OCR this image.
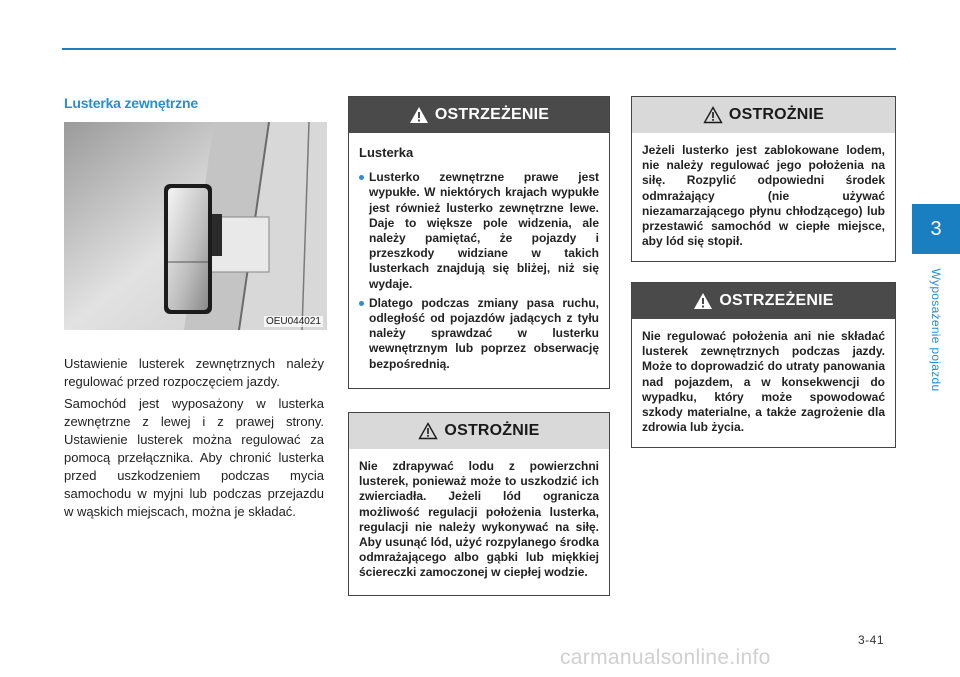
Lusterka zewnętrzne
OEU044021

Ustawienie lusterek zewnętrznych należy regulować przed rozpoczęciem jazdy.

Samochód jest wyposażony w lusterka zewnętrzne z lewej i z prawej strony. Ustawienie lusterek można regulować za pomocą przełącznika. Aby chronić lusterka przed uszkodzeniem podczas mycia samochodu w myjni lub podczas przejazdu w wąskich miejscach, można je składać.

OSTRZEŻENIE
Lusterka
Lusterko zewnętrzne prawe jest wypukłe. W niektórych krajach wypukłe jest również lusterko zewnętrzne lewe. Daje to większe pole widzenia, ale należy pamiętać, że pojazdy i przeszkody widziane w takich lusterkach znajdują się bliżej, niż się wydaje.
Dlatego podczas zmiany pasa ruchu, odległość od pojazdów jadących z tyłu należy sprawdzać w lusterku wewnętrznym lub poprzez obserwację bezpośrednią.
OSTROŻNIE
Nie zdrapywać lodu z powierzchni lusterek, ponieważ może to uszkodzić ich zwierciadła. Jeżeli lód ogranicza możliwość regulacji położenia lusterka, regulacji nie należy wykonywać na siłę. Aby usunąć lód, użyć rozpylanego środka odmrażającego albo gąbki lub miękkiej ściereczki zamoczonej w ciepłej wodzie.
OSTROŻNIE
Jeżeli lusterko jest zablokowane lodem, nie należy regulować jego położenia na siłę. Rozpylić odpowiedni środek odmrażający (nie używać niezamarzającego płynu chłodzącego) lub przestawić samochód w ciepłe miejsce, aby lód się stopił.
OSTRZEŻENIE
Nie regulować położenia ani nie składać lusterek zewnętrznych podczas jazdy. Może to doprowadzić do utraty panowania nad pojazdem, a w konsekwencji do wypadku, który może spowodować szkody materialne, a także zagrożenie dla zdrowia lub życia.
3
Wyposażenie pojazdu
3-41
carmanualsonline.info
